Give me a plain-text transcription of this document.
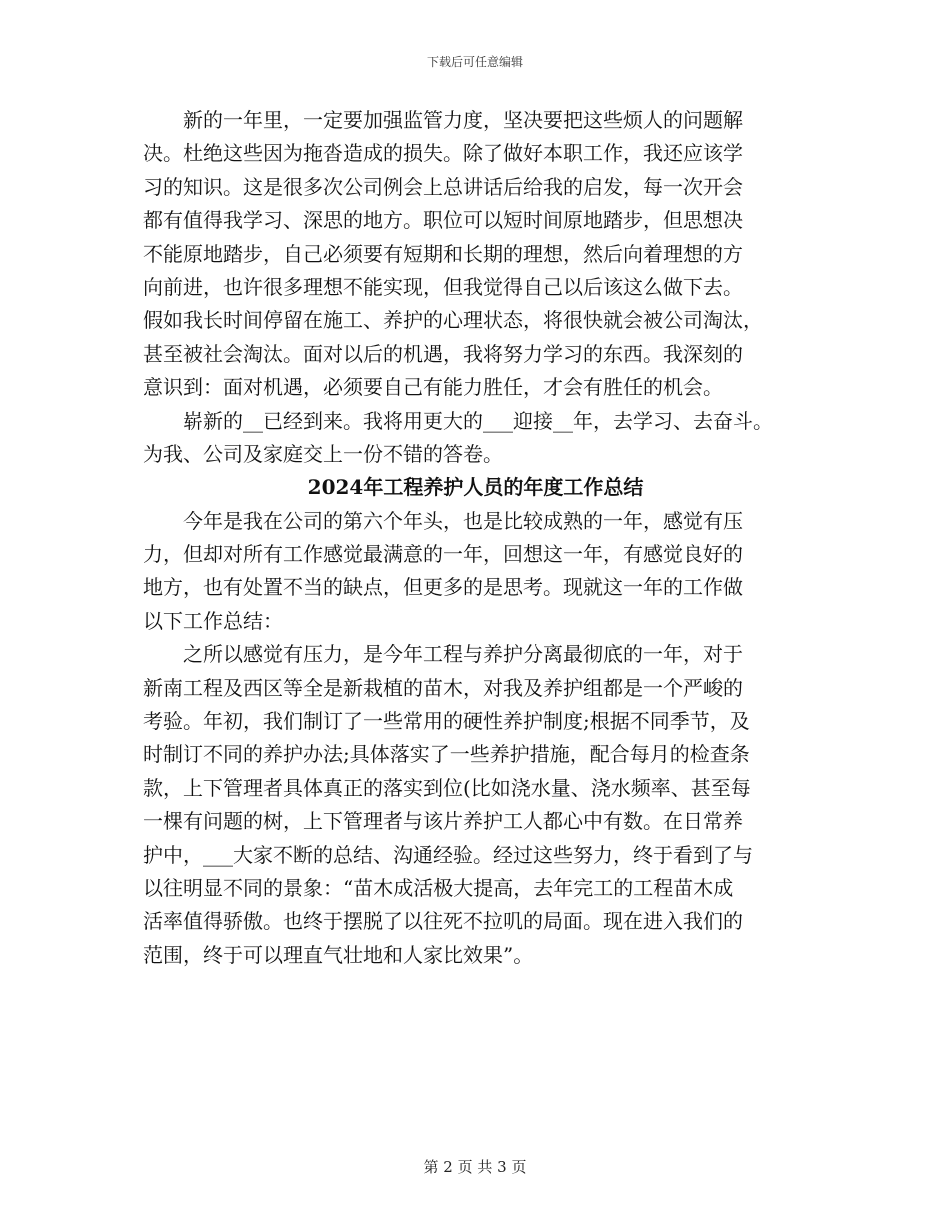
下载后可任意编辑
　　新的一年里，一定要加强监管力度，坚决要把这些烦人的问题解
决。杜绝这些因为拖沓造成的损失。除了做好本职工作，我还应该学
习的知识。这是很多次公司例会上总讲话后给我的启发，每一次开会
都有值得我学习、深思的地方。职位可以短时间原地踏步，但思想决
不能原地踏步，自己必须要有短期和长期的理想，然后向着理想的方
向前进，也许很多理想不能实现，但我觉得自己以后该这么做下去。
假如我长时间停留在施工、养护的心理状态，将很快就会被公司淘汰，
甚至被社会淘汰。面对以后的机遇，我将努力学习的东西。我深刻的
意识到：面对机遇，必须要自己有能力胜任，才会有胜任的机会。
　　崭新的__已经到来。我将用更大的___迎接__年，去学习、去奋斗。
为我、公司及家庭交上一份不错的答卷。
2024年工程养护人员的年度工作总结
　　今年是我在公司的第六个年头，也是比较成熟的一年，感觉有压
力，但却对所有工作感觉最满意的一年，回想这一年，有感觉良好的
地方，也有处置不当的缺点，但更多的是思考。现就这一年的工作做
以下工作总结：
　　之所以感觉有压力，是今年工程与养护分离最彻底的一年，对于
新南工程及西区等全是新栽植的苗木，对我及养护组都是一个严峻的
考验。年初，我们制订了一些常用的硬性养护制度;根据不同季节，及
时制订不同的养护办法;具体落实了一些养护措施，配合每月的检查条
款，上下管理者具体真正的落实到位(比如浇水量、浇水频率、甚至每
一棵有问题的树，上下管理者与该片养护工人都心中有数。在日常养
护中，___大家不断的总结、沟通经验。经过这些努力，终于看到了与
以往明显不同的景象：“苗木成活极大提高，去年完工的工程苗木成
活率值得骄傲。也终于摆脱了以往死不拉叽的局面。现在进入我们的
范围，终于可以理直气壮地和人家比效果”。
第 2 页 共 3 页
